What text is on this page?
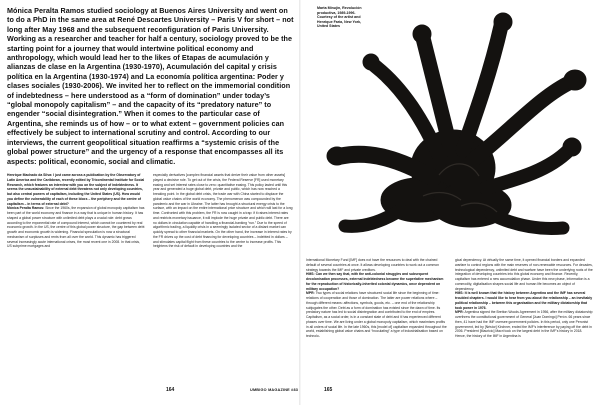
Mónica Peralta Ramos studied sociology at Buenos Aires University and went on to do a PhD in the same area at René Descartes University – Paris V for short – not long after May 1968 and the subsequent reconfiguration of Paris University. Working as a researcher and teacher for half a century, sociology proved to be the starting point for a journey that would intertwine political economy and anthropology, which would lead her to the likes of Etapas de acumulación y alianzas de clase en la Argentina (1930-1970), Acumulación del capital y crisis política en la Argentina (1930-1974) and La economía política argentina: Poder y clases sociales (1930-2006). We invited her to reflect on the immemorial condition of indebtedness – here understood as a “form of domination” under today’s “global monopoly capitalism” – and the capacity of its “predatory nature” to engender “social disintegration.” When it comes to the particular case of Argentina, she reminds us of how – or to what extent – government policies can effectively be subject to international scrutiny and control. According to our interviews, the current geopolitical situation reaffirms a “systemic crisis of the global power structure” and the urgency of a response that encompasses all its aspects: political, economic, social and climatic.
Marta Minujín, Revolución productiva, 1989-1996. Courtesy of the artist and Henrique Faria, New York, United States

Henrique Machado da Silva: I just came across a publication by the Observatory of Latin America and the Caribbean, recently edited by Tricontinental Institute for Social Research, which features an interview with you on the subject of indebtedness. It seems the unsustainability of external debt threatens not only developing countries, but also central powers of capitalism, including the United States (US). How would you define the vulnerability of each of these blocs – the periphery and the centre of capitalism – in terms of external debt?

Mónica Peralta Ramos: Since the 1960s, the expansion of global monopoly capitalism has been part of the world economy and finance in a way that is unique in human history. It has shaped a global power structure with unlimited debt plays a crucial role: debt grows according to the exponential rate of compound interest, which cannot be countered by real economic growth. In the US, the centre of this global power structure, the gap between debt growth and economic growth is widening. Financial speculation is now a structural mechanism of surpluses and rents from all over the world. This dynamic has triggered several increasingly acute international crises, the most recent one in 2008. In that crisis, US subprime mortgages and

especially derivatives [complex financial assets that derive their value from other assets] played a decisive role. To get out of the crisis, the Federal Reserve [FR] used monetary easing and set interest rates close to zero: quantitative easing. This policy lasted until this year and generated a huge global debt, private and public, which has now reached a breaking point. In the global debt crisis, the trade war with China started to displace the global value chains of the world economy. The phenomenon was compounded by the pandemic and the war in Ukraine. The latter has brought a structural energy crisis to the surface, with an impact on the entire international price structure and which will last for a long time. Confronted with this problem, the FR is now caught in a trap: if it raises interest rates and restricts monetary issuance, it will implode the huge private and public debt. There are no dollars in circulation capable of handling a financial-banking “run.” Due to the speed of algorithmic trading, a liquidity crisis in a seemingly isolated sector of a distant market can quickly spread to other financial markets. On the other hand, the increase in interest rates by the FR drives up the cost of debt financing for developing countries – indebted in dollars – and stimulates capital flight from these countries to the centre to increase profits. This heightens the risk of default in developing countries and the

International Monetary Fund [IMF] does not have the resources to deal with the chained default of several countries at once. It allows developing countries to work out a common strategy towards the IMF and private creditors.

HMS: Can we then say that, with the anti-colonial struggles and subsequent decolonisation processes, external indebtedness became the superlative mechanism for the reproduction of historically-inherited colonial dynamics, once dependent on military occupation?

MPR: Two types of social relations have structured social life since the beginning of time: relations of cooperation and those of domination. The latter are power relations where – through different means: affections, symbols, goods, etc. – one end of the relationship subjugates the other. Debt as a form of domination has existed since the dawn of time. Its predatory nature has led to social disintegration and contributed to the end of empires. Capitalism, as a social order, is in a constant state of debt and it has experienced different phases over time. We are living under a global monopoly capitalism, which maximises profits in all orders of social life. In the late 1960s, this [model of] capitalism expanded throughout the world, establishing global value chains and “inoculating” a type of industrialisation based on technolo-

gical dependency. At virtually the same time, it opened financial borders and expanded warfare to control regions with the main reserves of non-renewable resources. For decades, technological dependency, unlimited debt and warfare have been the underlying roots of the integration of developing countries into this global economy and finance. Recently, capitalism has entered a new accumulation phase. Under this new phase, information is a commodity, digitalisation shapes social life and human life becomes an object of dependency.

HMS: It is well known that the history between Argentina and the IMF has several troubled chapters. I would like to hear from you about the relationship – an inevitably political relationship – between this organisation and the military dictatorship that took power in 1976.

MPR: Argentina signed the Bretton Woods Agreement in 1956, after the military dictatorship overthrew the constitutional government of General [Juan Domingo] Perón. 66 years since then, 41 have had the IMF oversee government policies. In this period, only one Peronist government, led by [Néstor] Kirchner, ended the IMF’s interference by paying off the debt in 2006. President [Mauricio] Macri took on the largest debt in the IMF’s history in 2018. Hence, the history of the IMF in Argentina is

164	UMBIGO MAGAZINE #83	165
